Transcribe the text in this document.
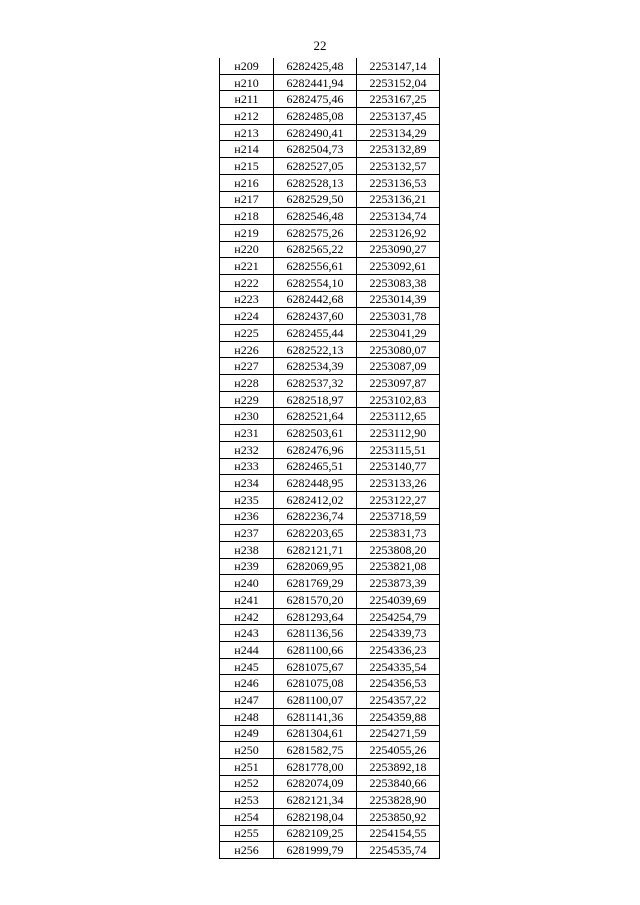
22
н209	6282425,48	2253147,14
н210	6282441,94	2253152,04
н211	6282475,46	2253167,25
н212	6282485,08	2253137,45
н213	6282490,41	2253134,29
н214	6282504,73	2253132,89
н215	6282527,05	2253132,57
н216	6282528,13	2253136,53
н217	6282529,50	2253136,21
н218	6282546,48	2253134,74
н219	6282575,26	2253126,92
н220	6282565,22	2253090,27
н221	6282556,61	2253092,61
н222	6282554,10	2253083,38
н223	6282442,68	2253014,39
н224	6282437,60	2253031,78
н225	6282455,44	2253041,29
н226	6282522,13	2253080,07
н227	6282534,39	2253087,09
н228	6282537,32	2253097,87
н229	6282518,97	2253102,83
н230	6282521,64	2253112,65
н231	6282503,61	2253112,90
н232	6282476,96	2253115,51
н233	6282465,51	2253140,77
н234	6282448,95	2253133,26
н235	6282412,02	2253122,27
н236	6282236,74	2253718,59
н237	6282203,65	2253831,73
н238	6282121,71	2253808,20
н239	6282069,95	2253821,08
н240	6281769,29	2253873,39
н241	6281570,20	2254039,69
н242	6281293,64	2254254,79
н243	6281136,56	2254339,73
н244	6281100,66	2254336,23
н245	6281075,67	2254335,54
н246	6281075,08	2254356,53
н247	6281100,07	2254357,22
н248	6281141,36	2254359,88
н249	6281304,61	2254271,59
н250	6281582,75	2254055,26
н251	6281778,00	2253892,18
н252	6282074,09	2253840,66
н253	6282121,34	2253828,90
н254	6282198,04	2253850,92
н255	6282109,25	2254154,55
н256	6281999,79	2254535,74
